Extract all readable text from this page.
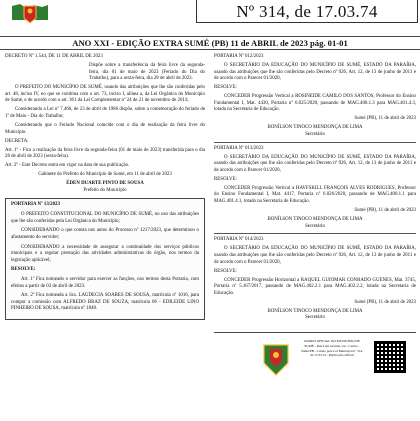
Nº 314, de 17.03.74
ANO XXI - EDIÇÃO EXTRA SUMÉ (PB) 11 de ABRIL de 2023 pág. 01-01

DECRETO Nº 1.544, DE 11 DE ABRIL DE 2023

Dispõe sobre a transferência da feira livre da segunda-feira, dia 01 de maio de 2023 (Feriado do Dia do Trabalho), para a sexta-feira, dia 28 de abril de 2023.

O PREFEITO DO MUNICÍPIO DE SUMÉ, usando das atribuições que lhe são conferidas pelo art. 48, inciso IV, no que se combina com o art. 73, inciso I, alínea a, da Lei Orgânica do Município de Sumé, e de acordo com o art. 361 da Lei Complementar nº 24 de 21 de novembro de 2013;

Considerando a Lei nº 7.466, de 23 de abril de 1986 dispõe, sobre a comemoração do feriado de 1º de Maio - Dia do Trabalho;

Considerando que o Feriado Nacional coincide com o dia de realização da feira livre do Município.

DECRETA:

Art. 1º - Fica a realização da feira livre da segunda-feira (01 de maio de 2023) transferida para o dia 28 de abril de 2023 (sexta-feira).

Art. 2º - Este Decreto entra em vigor na data de sua publicação.

Gabinete do Prefeito do Município de Sumé, em 11 de abril de 2023

ÉDEN DUARTE PINTO DE SOUSA

Prefeito do Município

PORTARIA Nº 13/2023

O PREFEITO CONSTITUCIONAL DO MUNICÍPIO DE SUMÉ, no uso das atribuições que lhe são conferidas pela Lei Orgânica do Município;

CONSIDERANDO o que consta nos autos do Processo nº 1217/2023, que determinou o afastamento do servidor;

CONSIDERANDO a necessidade de assegurar a continuidade dos serviços públicos municipais e a regular prestação das atividades administrativas do órgão, nos termos da legislação aplicável;

RESOLVE:

Art. 1º Fica nomeado o servidor para exercer as funções, nos termos desta Portaria, com efeitos a partir de 03 de abril de 2023.

Art. 2º Fica nomeada a Sra. LAUDECIA SOARES DE SOUSA, matrícula nº 1016, para compor a comissão com ALFREDO BRAZ DE SOUZA, matrícula 06 - EDILEIDE LINO PINHEIRO DE SOUSA, matrícula nº 1848.

PORTARIA Nº 012/2023

O SECRETÁRIO DA EDUCAÇÃO DO MUNICÍPIO DE SUMÉ, ESTADO DA PARAÍBA, usando das atribuições que lhe são conferidas pelo Decreto nº 926, Art. 12, de 13 de junho de 2011 e de acordo com o Parecer 01/2020,

RESOLVE:

CONCEDER Progressão Vertical a ROSINEIDE CAMILO DOS SANTOS, Professor do Ensino Fundamental I, Mat. 4430, Portaria nº 6.025/2020, passando de MAG.400.1.3 para MAG.401.4.3, lotada na Secretaria de Educação.

Sumé (PB), 11 de abril de 2023

BONÍLSON TINOCO MENDONÇA DE LIMA

Secretário

PORTARIA Nº 013/2023

O SECRETÁRIO DA EDUCAÇÃO DO MUNICÍPIO DE SUMÉ, ESTADO DA PARAÍBA, usando das atribuições que lhe são conferidas pelo Decreto nº 926, Art. 12, de 13 de junho de 2011 e de acordo com o Parecer 01/2020,

RESOLVE:

CONCEDER Progressão Vertical a HAVFSKILL FRANÇOIS ALVES RODRIGUES, Professor do Ensino Fundamental I, Mat. 4417, Portaria nº 6.026/2020, passando de MAG.400.1.1 para MAG.401.4.1, lotado na Secretaria de Educação.

Sumé (PB), 11 de abril de 2023

BONÍLSON TINOCO MENDONÇA DE LIMA

Secretário

PORTARIA Nº 014/2023

O SECRETÁRIO DA EDUCAÇÃO DO MUNICÍPIO DE SUMÉ, ESTADO DA PARAÍBA, usando das atribuições que lhe são conferidas pelo Decreto nº 926, Art. 12, de 13 de junho de 2011 e de acordo com o Parecer 01/2020,

RESOLVE:

CONCEDER Progressão Horizontal a RAQUEL GUIOMAR CONRADO GUENES, Mat. 3745, Portaria nº 5.167/2017, passando de MAG.402.2.1 para MAG.402.2.2, lotada na Secretaria de Educação.

Sumé (PB), 11 de abril de 2023

BONÍLSON TINOCO MENDONÇA DE LIMA

Secretário

DIÁRIO OFICIAL DO MUNICÍPIO DE SUMÉ - Rua Luiz Grande, s/n - Centro - Sumé/PB - Criado pela Lei Municipal nº 314, de 17.03.74 - Publicação Oficial
